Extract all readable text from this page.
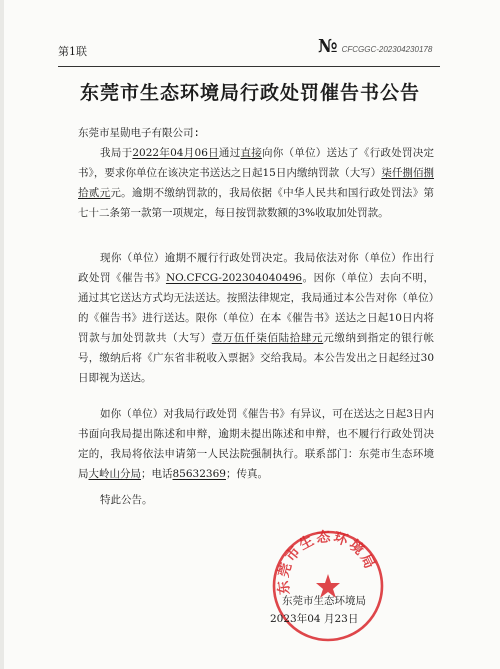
第1联	№ CFCGGC-202304230178
东莞市生态环境局行政处罚催告书公告
东莞市星勋电子有限公司:
我局于2022年04月06日通过直接向你（单位）送达了《行政处罚决定书》，要求你单位在该决定书送达之日起15日内缴纳罚款（大写）柒仟捌佰捌拾贰元元。逾期不缴纳罚款的，我局依据《中华人民共和国行政处罚法》第七十二条第一款第一项规定，每日按罚款数额的3%收取加处罚款。
现你（单位）逾期不履行行政处罚决定。我局依法对你（单位）作出行政处罚《催告书》NO.CFCG-202304040496。因你（单位）去向不明，通过其它送达方式均无法送达。按照法律规定，我局通过本公告对你（单位）的《催告书》进行送达。限你（单位）在本《催告书》送达之日起10日内将罚款与加处罚款共（大写）壹万伍仟柒佰陆拾肆元元缴纳到指定的银行帐号，缴纳后将《广东省非税收入票据》交给我局。本公告发出之日起经过30日即视为送达。
如你（单位）对我局行政处罚《催告书》有异议，可在送达之日起3日内书面向我局提出陈述和申辩，逾期未提出陈述和申辩，也不履行行政处罚决定的，我局将依法申请第一人民法院强制执行。联系部门：东莞市生态环境局大岭山分局；电话85632369；传真。
特此公告。
东莞市生态环境局
东莞市生态环境局
2023年04 月23日
